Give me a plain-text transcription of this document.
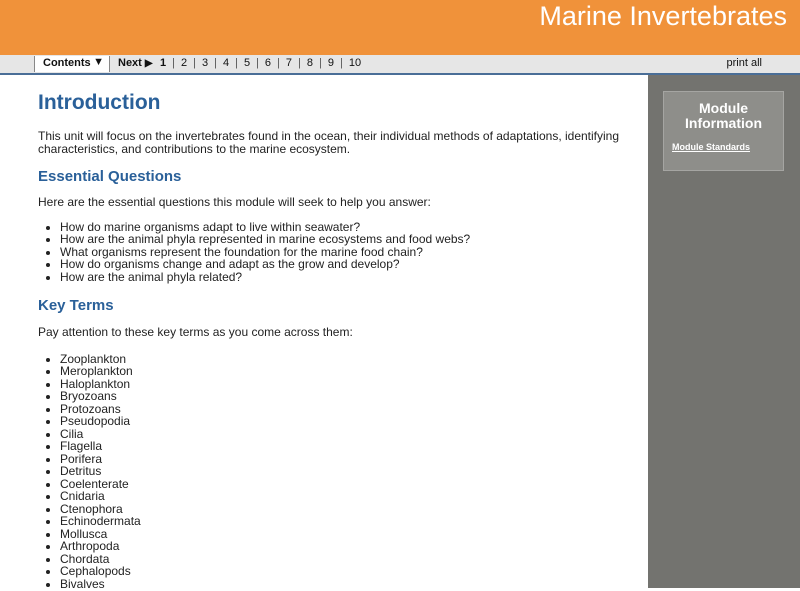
Marine Invertebrates
Contents ▼ Next ▶ 1 | 2 | 3 | 4 | 5 | 6 | 7 | 8 | 9 | 10	print all
Introduction

This unit will focus on the invertebrates found in the ocean, their individual methods of adaptations, identifying characteristics, and contributions to the marine ecosystem.

Essential Questions

Here are the essential questions this module will seek to help you answer:

• How do marine organisms adapt to live within seawater?
• How are the animal phyla represented in marine ecosystems and food webs?
• What organisms represent the foundation for the marine food chain?
• How do organisms change and adapt as the grow and develop?
• How are the animal phyla related?
Key Terms

Pay attention to these key terms as you come across them:

• Zooplankton
• Meroplankton
• Haloplankton
• Bryozoans
• Protozoans
• Pseudopodia
• Cilia
• Flagella
• Porifera
• Detritus
• Coelenterate
• Cnidaria
• Ctenophora
• Echinodermata
• Mollusca
• Arthropoda
• Chordata
• Cephalopods
• Bivalves
Module
Information
Module Standards
